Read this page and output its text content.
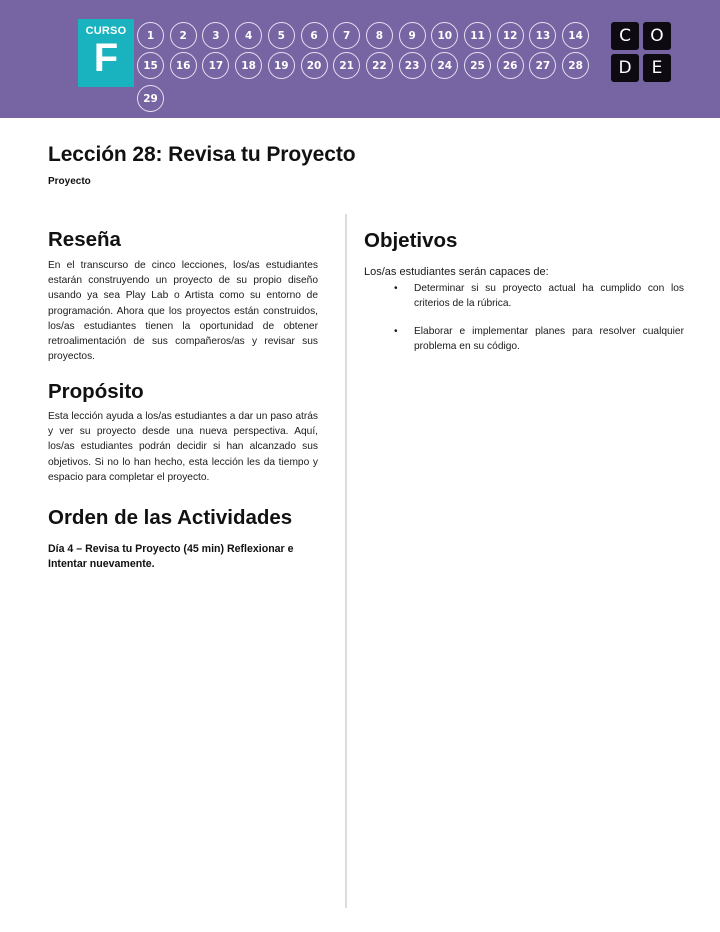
CURSO
F
1	2	3	4	5	6	7	8	9	10	11	12	13	14
15	16	17	18	19	20	21	22	23	24	25	26	27	28
29
C	O
D	E
Lección 28: Revisa tu Proyecto
Proyecto
Reseña
En el transcurso de cinco lecciones, los/as estudiantes estarán construyendo un proyecto de su propio diseño usando ya sea Play Lab o Artista como su entorno de programación. Ahora que los proyectos están construidos, los/as estudiantes tienen la oportunidad de obtener retroalimentación de sus compañeros/as y revisar sus proyectos.
Propósito
Esta lección ayuda a los/as estudiantes a dar un paso atrás y ver su proyecto desde una nueva perspectiva. Aquí, los/as estudiantes podrán decidir si han alcanzado sus objetivos. Si no lo han hecho, esta lección les da tiempo y espacio para completar el proyecto.
Orden de las Actividades
Día 4 – Revisa tu Proyecto (45 min) Reflexionar e Intentar nuevamente.
Objetivos
Los/as estudiantes serán capaces de:
• Determinar si su proyecto actual ha cumplido con los criterios de la rúbrica.
• Elaborar e implementar planes para resolver cualquier problema en su código.
